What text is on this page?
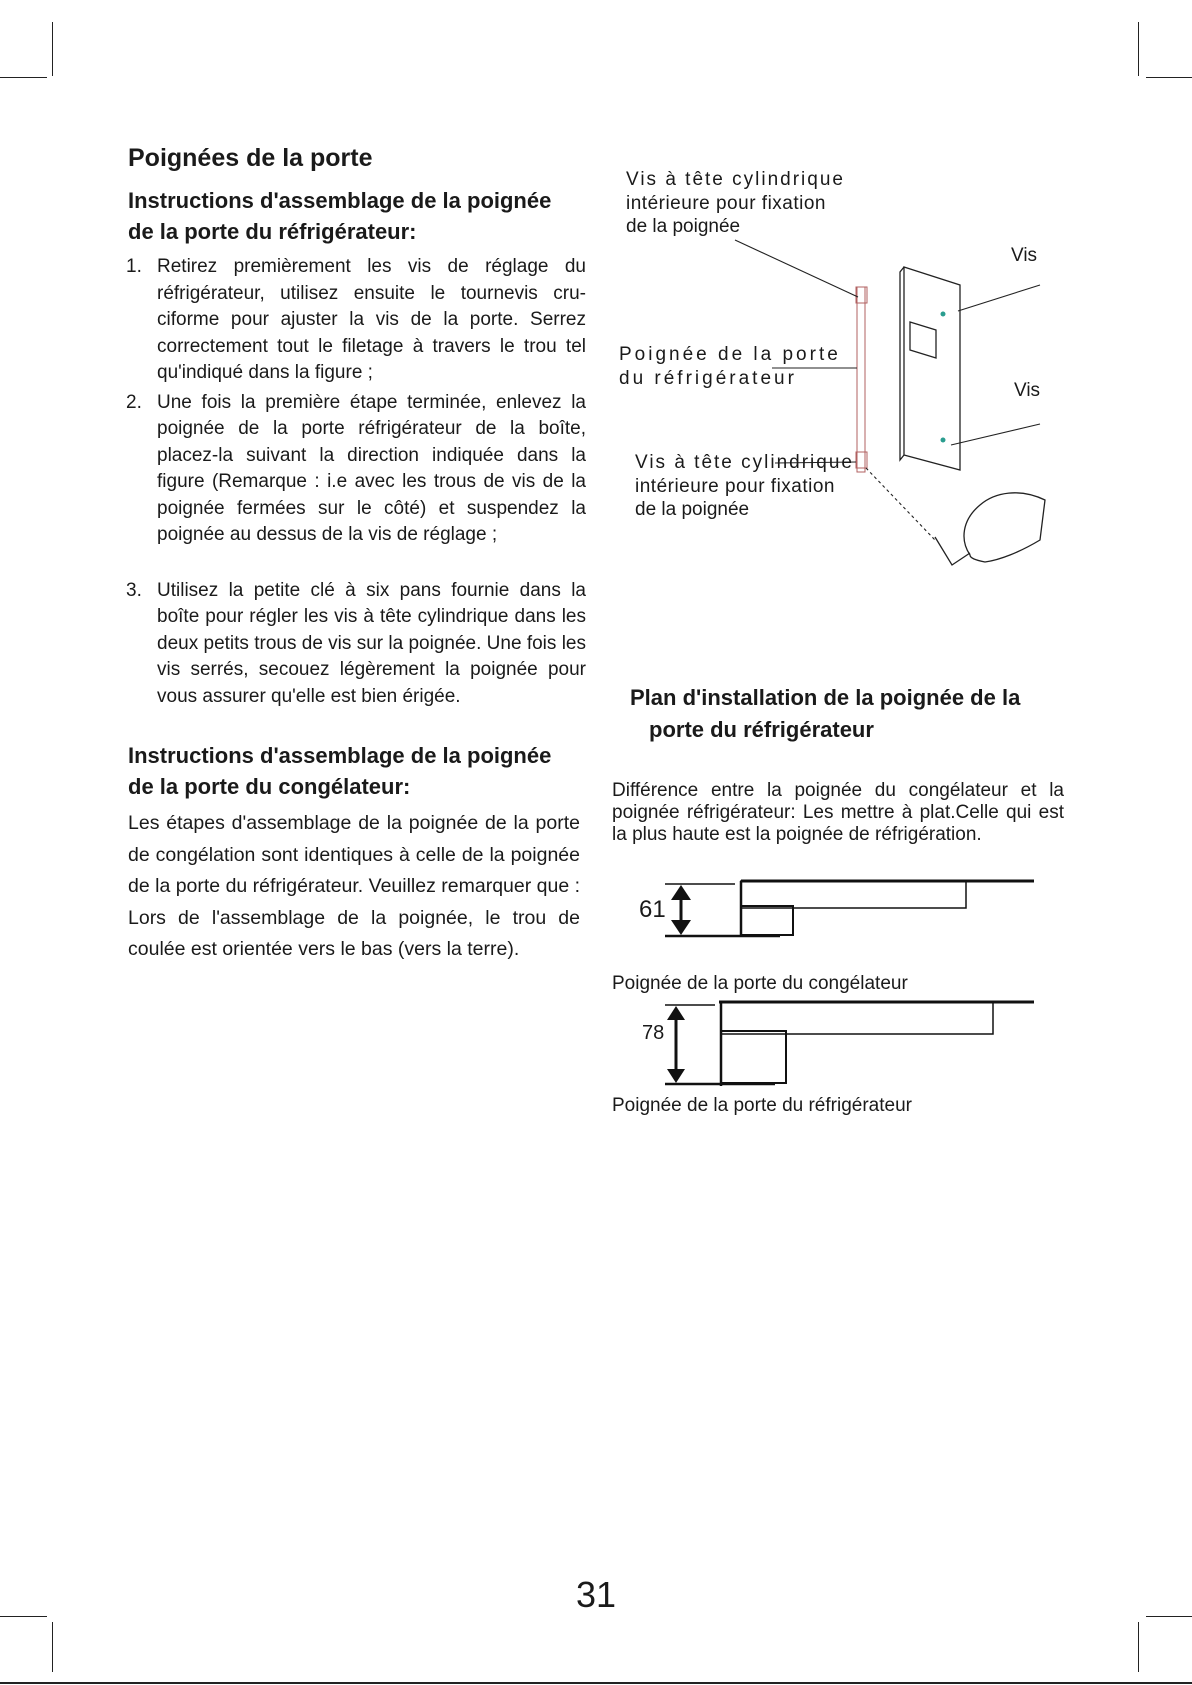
Poignées de la porte
Instructions d'assemblage de la poignée
de la porte du réfrigérateur:
1. Retirez premièrement les vis de réglage du réfrigérateur, utilisez ensuite le tournevis cru-ciforme pour ajuster la vis de la porte. Serrez correctement tout le filetage à travers le trou tel qu'indiqué dans la figure ;
2. Une fois la première étape terminée, enlevez la poignée de la porte réfrigérateur de la boîte, placez-la suivant la direction indiquée dans la figure (Remarque : i.e avec les trous de vis de la poignée fermées sur le côté) et suspendez la poignée au dessus de la vis de réglage ;
3. Utilisez la petite clé à six pans fournie dans la boîte pour régler les vis à tête cylindrique dans les deux petits trous de vis sur la poignée. Une fois les vis serrés, secouez légèrement la poignée pour vous assurer qu'elle est bien érigée.
Instructions d'assemblage de la poignée
de la porte du congélateur:

Les étapes d'assemblage de la poignée de la porte de congélation sont identiques à celle de la poignée de la porte du réfrigérateur. Veuillez remarquer que : Lors de l'assemblage de la poignée, le trou de coulée est orientée vers le bas (vers la terre).

Vis à tête cylindrique
intérieure pour fixation
de la poignée
Poignée de la porte
du réfrigérateur
Vis à tête cylindrique
intérieure pour fixation
de la poignée
Vis
Vis
Plan d'installation de la poignée de la
porte du réfrigérateur

Différence entre la poignée du congélateur et la poignée réfrigérateur: Les mettre à plat.Celle qui est la plus haute est la poignée de réfrigération.

61
Poignée de la porte du congélateur
78
Poignée de la porte du réfrigérateur
31
